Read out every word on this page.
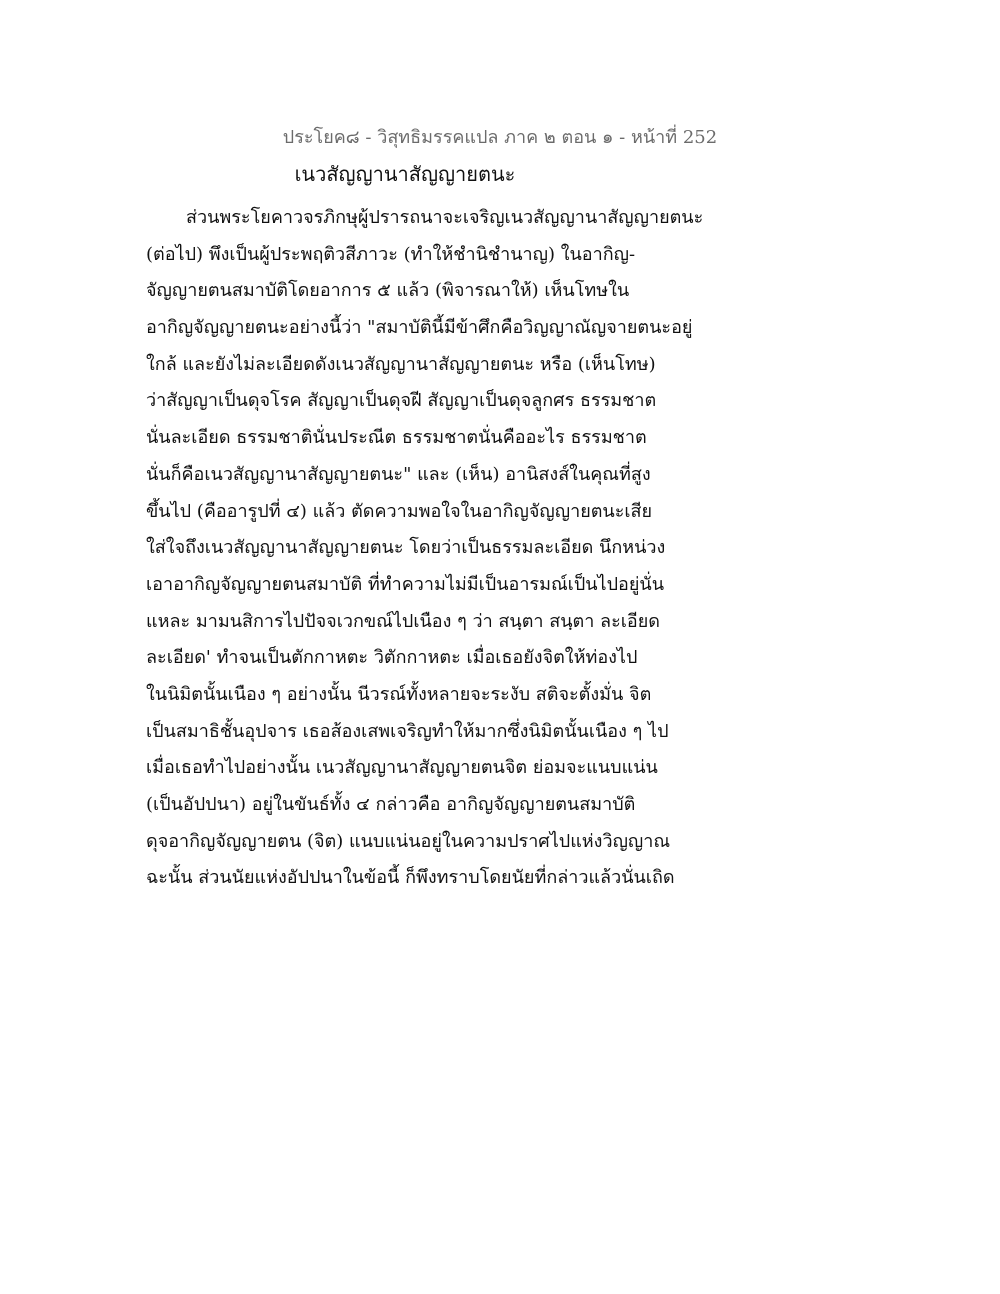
ประโยค๘ - วิสุทธิมรรคแปล ภาค ๒ ตอน ๑ - หน้าที่ 252
เนวสัญญานาสัญญายตนะ
ส่วนพระโยคาวจรภิกษุผู้ปรารถนาจะเจริญเนวสัญญานาสัญญายตนะ
(ต่อไป) พึงเป็นผู้ประพฤติวสีภาวะ (ทำให้ชำนิชำนาญ) ในอากิญ-
จัญญายตนสมาบัติโดยอาการ ๕ แล้ว (พิจารณาให้) เห็นโทษใน
อากิญจัญญายตนะอย่างนี้ว่า "สมาบัตินี้มีข้าศึกคือวิญญาณัญจายตนะอยู่
ใกล้ และยังไม่ละเอียดดังเนวสัญญานาสัญญายตนะ หรือ (เห็นโทษ)
ว่าสัญญาเป็นดุจโรค สัญญาเป็นดุจฝี สัญญาเป็นดุจลูกศร ธรรมชาต
นั่นละเอียด ธรรมชาตินั่นประณีต ธรรมชาตนั่นคืออะไร ธรรมชาต
นั่นก็คือเนวสัญญานาสัญญายตนะ" และ (เห็น) อานิสงส์ในคุณที่สูง
ขึ้นไป (คืออารูปที่ ๔) แล้ว ตัดความพอใจในอากิญจัญญายตนะเสีย
ใส่ใจถึงเนวสัญญานาสัญญายตนะ โดยว่าเป็นธรรมละเอียด นึกหน่วง
เอาอากิญจัญญายตนสมาบัติ ที่ทำความไม่มีเป็นอารมณ์เป็นไปอยู่นั่น
แหละ มามนสิการไปปัจจเวกขณ์ไปเนือง ๆ ว่า สนฺตา สนฺตา ละเอียด
ละเอียด' ทำจนเป็นตักกาหตะ วิตักกาหตะ เมื่อเธอยังจิตให้ท่องไป
ในนิมิตนั้นเนือง ๆ อย่างนั้น นีวรณ์ทั้งหลายจะระงับ สติจะตั้งมั่น จิต
เป็นสมาธิชั้นอุปจาร เธอส้องเสพเจริญทำให้มากซึ่งนิมิตนั้นเนือง ๆ ไป
เมื่อเธอทำไปอย่างนั้น เนวสัญญานาสัญญายตนจิต ย่อมจะแนบแน่น
(เป็นอัปปนา) อยู่ในขันธ์ทั้ง ๔ กล่าวคือ อากิญจัญญายตนสมาบัติ
ดุจอากิญจัญญายตน (จิต) แนบแน่นอยู่ในความปราศไปแห่งวิญญาณ
ฉะนั้น ส่วนนัยแห่งอัปปนาในข้อนี้ ก็พึงทราบโดยนัยที่กล่าวแล้วนั่นเถิด
